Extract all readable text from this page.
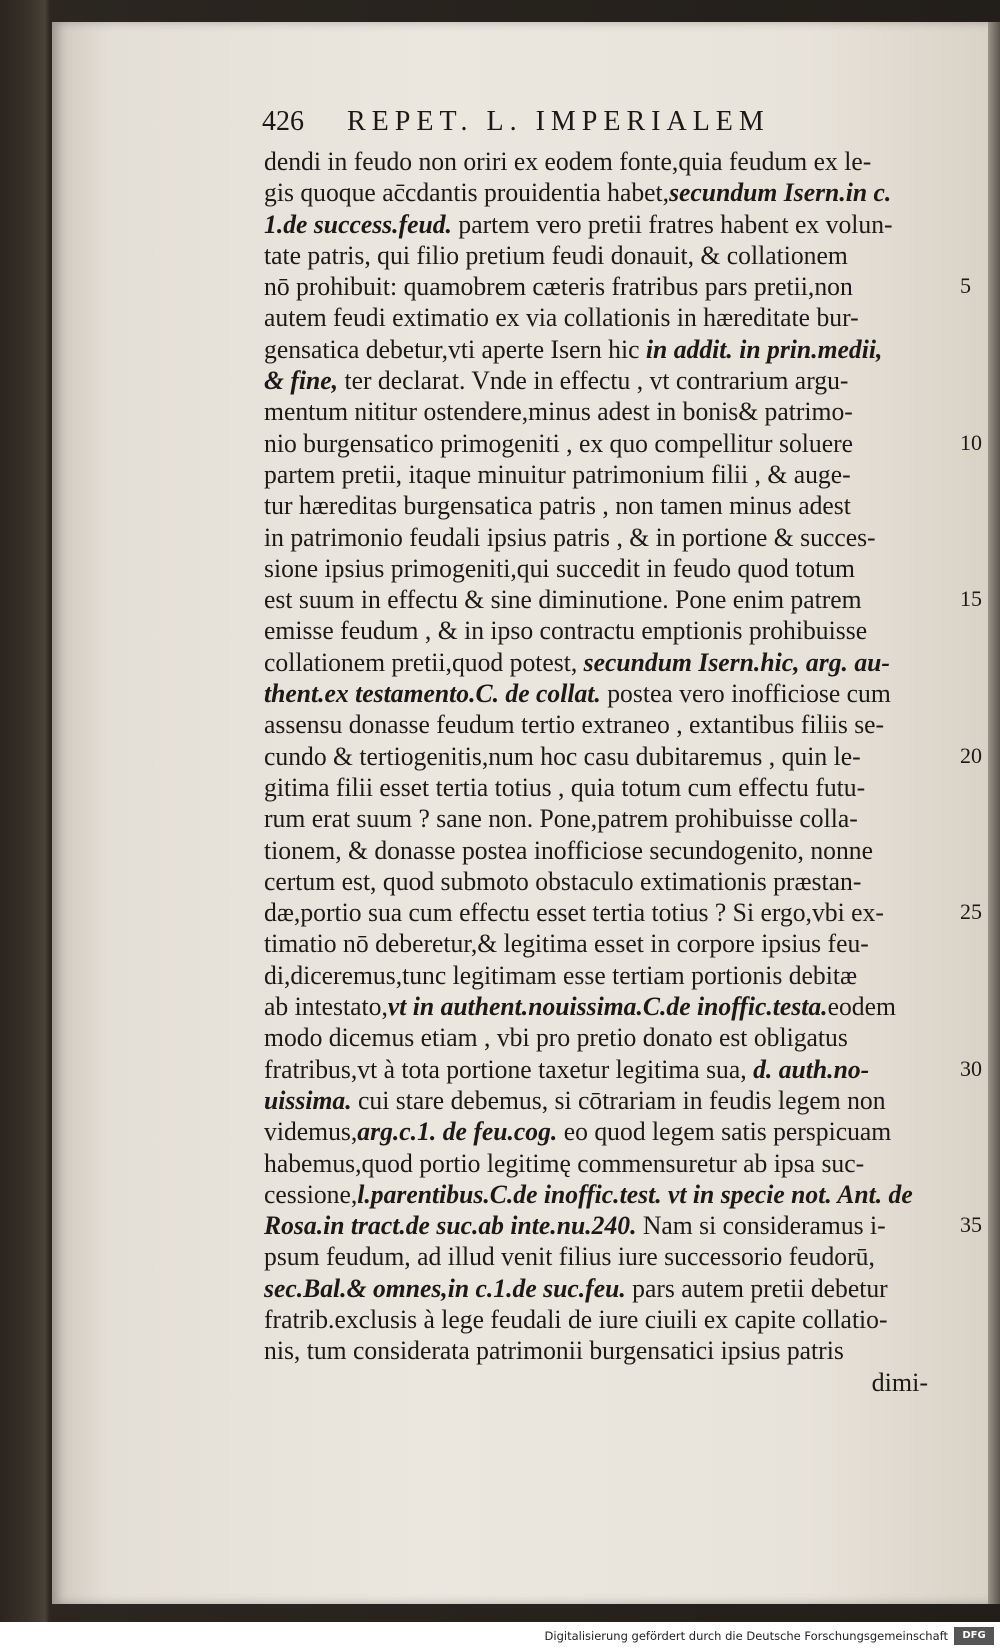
426 REPET. L. IMPERIALEM
dendi in feudo non oriri ex eodem fonte,quia feudum ex le-
gis quoque ac̄cdantis prouidentia habet,secundum Isern.in c.
1.de success.feud. partem vero pretii fratres habent ex volun-
tate patris, qui filio pretium feudi donauit, & collationem
nō prohibuit: quamobrem cæteris fratribus pars pretii,non
autem feudi extimatio ex via collationis in hæreditate bur-
gensatica debetur,vti aperte Isern hic in addit. in prin.medii,
& fine, ter declarat. Vnde in effectu , vt contrarium argu-
mentum nititur ostendere,minus adest in bonis& patrimo-
nio burgensatico primogeniti , ex quo compellitur soluere
partem pretii, itaque minuitur patrimonium filii , & auge-
tur hæreditas burgensatica patris , non tamen minus adest
in patrimonio feudali ipsius patris , & in portione & succes-
sione ipsius primogeniti,qui succedit in feudo quod totum
est suum in effectu & sine diminutione. Pone enim patrem
emisse feudum , & in ipso contractu emptionis prohibuisse
collationem pretii,quod potest, secundum Isern.hic, arg. au-
thent.ex testamento.C. de collat. postea vero inofficiose cum
assensu donasse feudum tertio extraneo , extantibus filiis se-
cundo & tertiogenitis,num hoc casu dubitaremus , quin le-
gitima filii esset tertia totius , quia totum cum effectu futu-
rum erat suum ? sane non. Pone,patrem prohibuisse colla-
tionem, & donasse postea inofficiose secundogenito, nonne
certum est, quod submoto obstaculo extimationis præstan-
dæ,portio sua cum effectu esset tertia totius ? Si ergo,vbi ex-
timatio nō deberetur,& legitima esset in corpore ipsius feu-
di,diceremus,tunc legitimam esse tertiam portionis debitæ
ab intestato,vt in authent.nouissima.C.de inoffic.testa.eodem
modo dicemus etiam , vbi pro pretio donato est obligatus
fratribus,vt à tota portione taxetur legitima sua, d. auth.no-
uissima. cui stare debemus, si cōtrariam in feudis legem non
videmus,arg.c.1. de feu.cog. eo quod legem satis perspicuam
habemus,quod portio legitimę commensuretur ab ipsa suc-
cessione,l.parentibus.C.de inoffic.test. vt in specie not. Ant. de
Rosa.in tract.de suc.ab inte.nu.240. Nam si consideramus i-
psum feudum, ad illud venit filius iure successorio feudorū,
sec.Bal.& omnes,in c.1.de suc.feu. pars autem pretii debetur
fratrib.exclusis à lege feudali de iure ciuili ex capite collatio-
nis, tum considerata patrimonii burgensatici ipsius patris
dimi-
5
10
15
20
25
30
35
Digitalisierung gefördert durch die Deutsche Forschungsgemeinschaft	DFG
